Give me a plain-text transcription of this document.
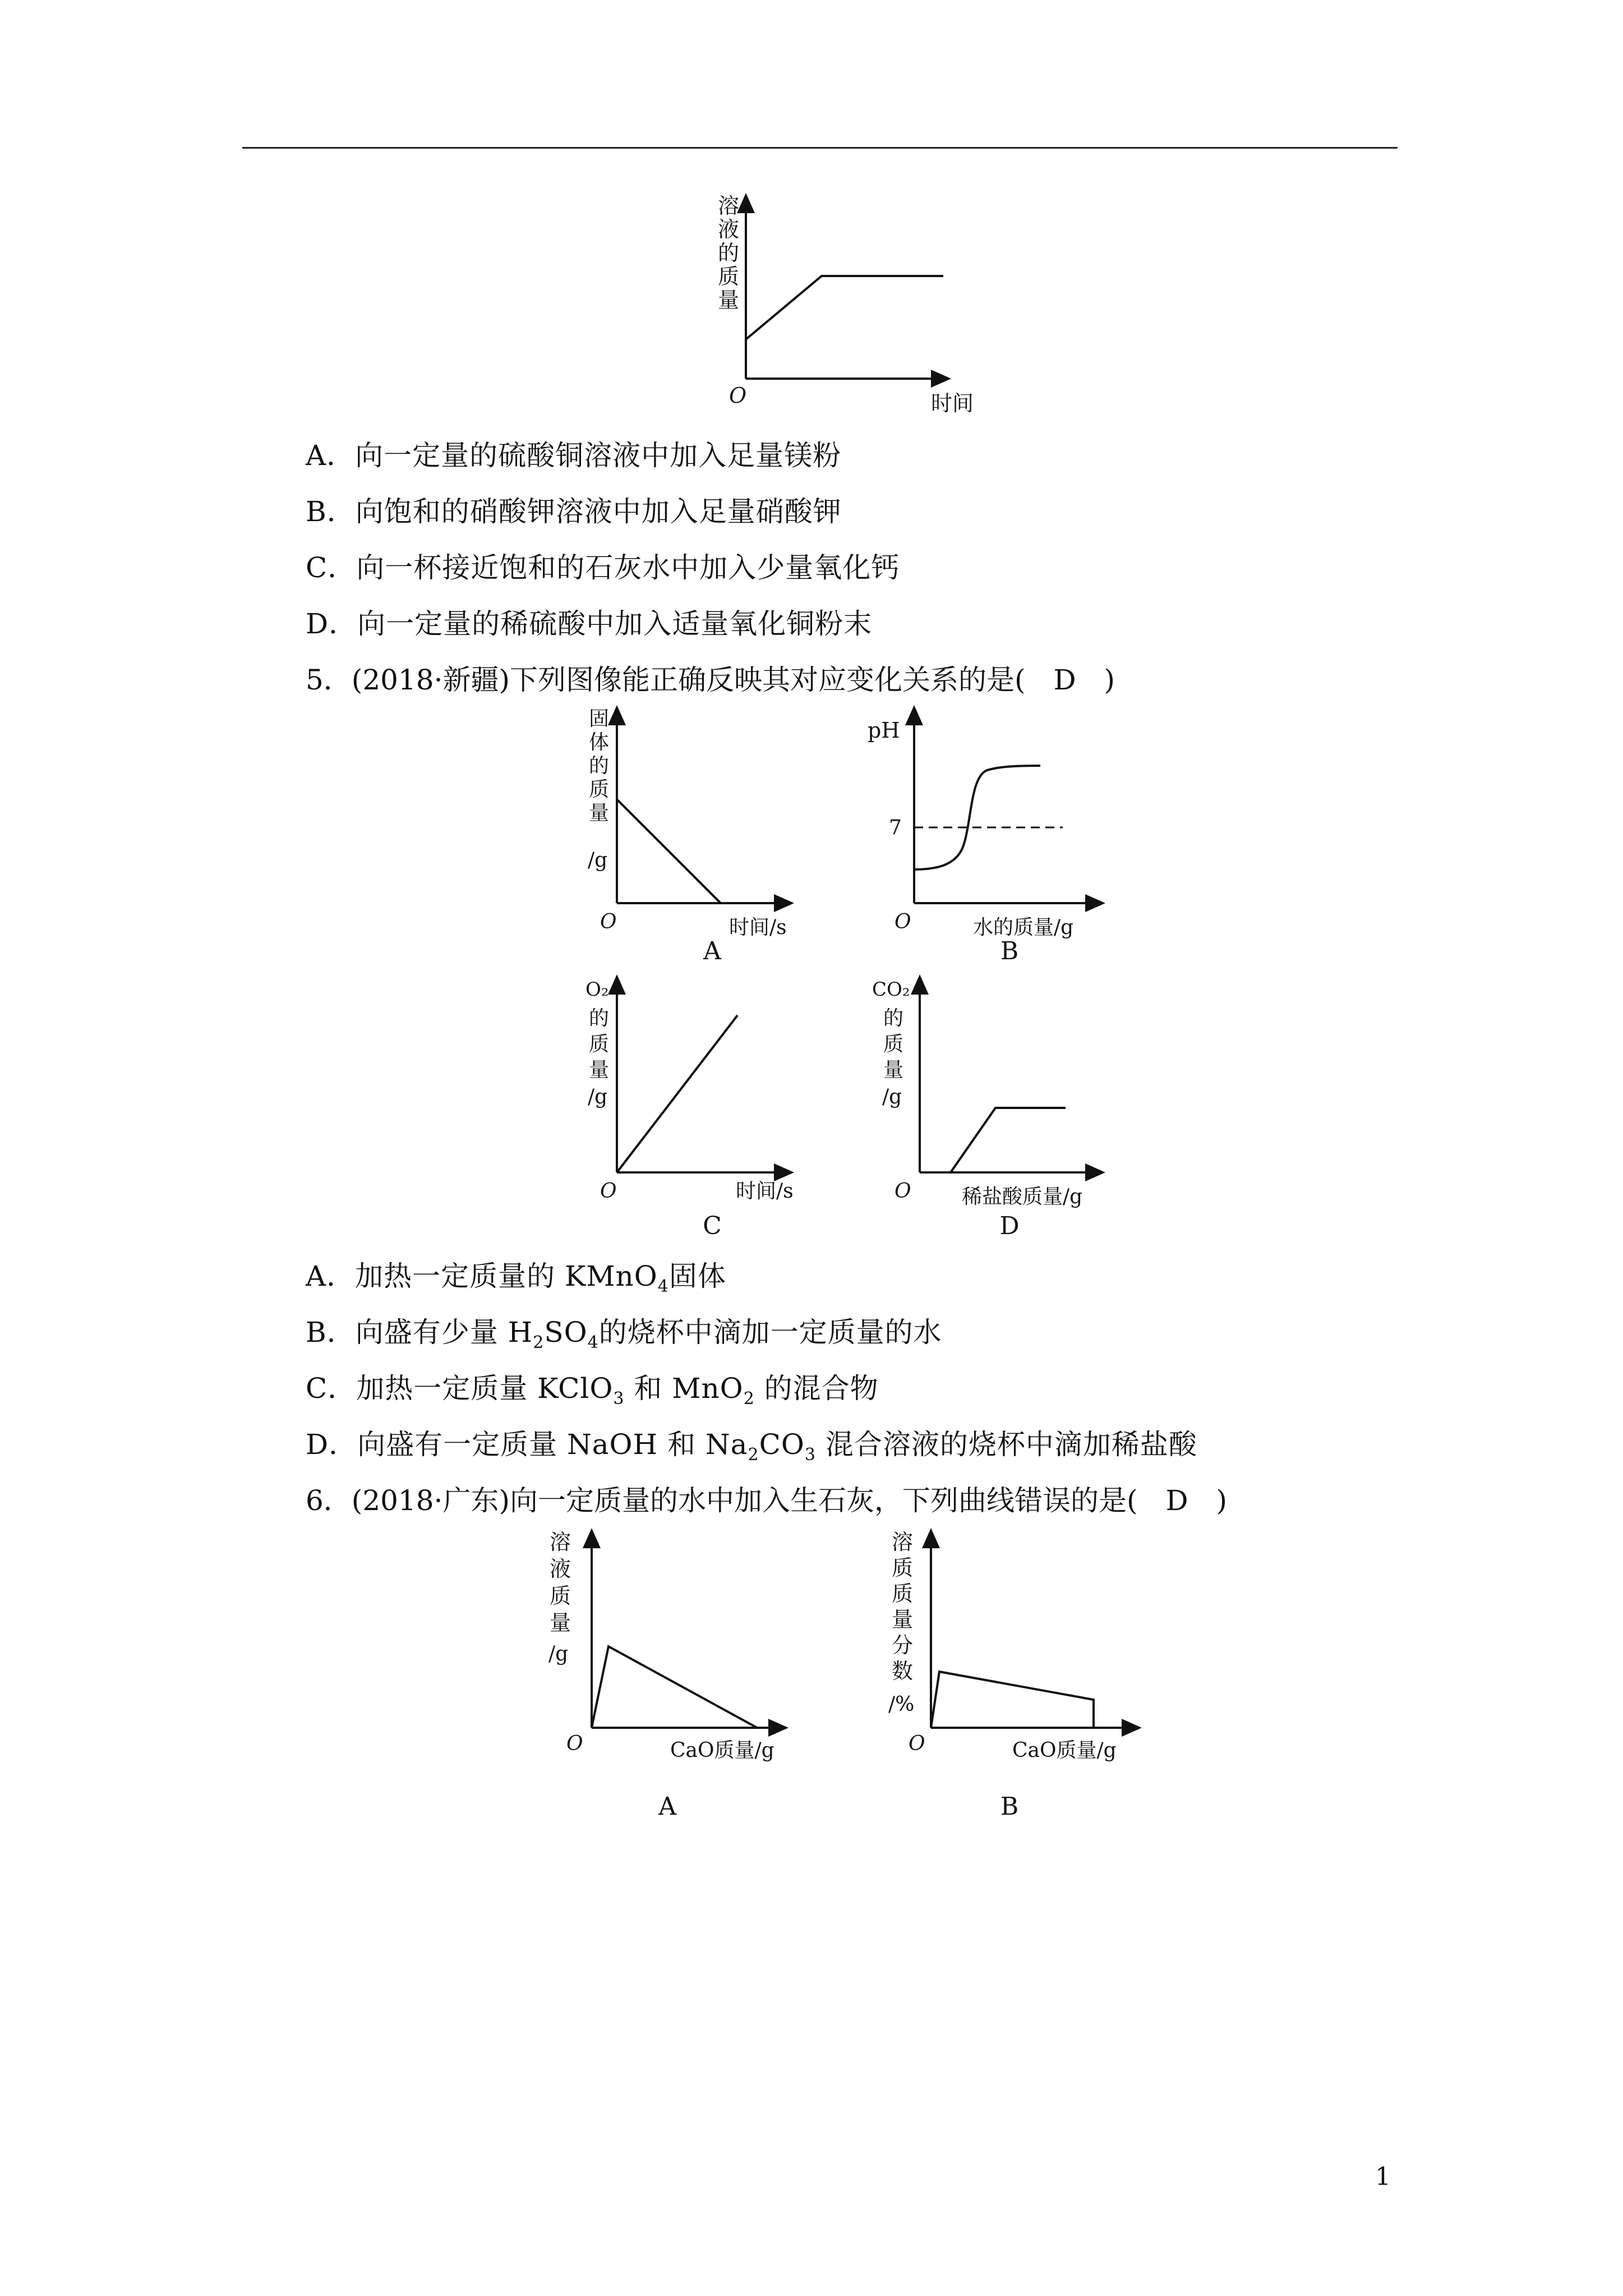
溶
液
的
质
量
O	时间
A．向一定量的硫酸铜溶液中加入足量镁粉
B．向饱和的硝酸钾溶液中加入足量硝酸钾
C．向一杯接近饱和的石灰水中加入少量氧化钙
D．向一定量的稀硫酸中加入适量氧化铜粉末
5．(2018·新疆)下列图像能正确反映其对应变化关系的是(　D　)
固
体
的
质
量
/g
O	时间/s
A
pH
7
O	水的质量/g
B
O₂
的
质
量
/g
O	时间/s
C
CO₂
的
质
量
/g
O	稀盐酸质量/g
D
A．加热一定质量的 KMnO$_4$固体
B．向盛有少量 $H_2SO_4$的烧杯中滴加一定质量的水
C．加热一定质量 KClO$_3$ 和 MnO$_2$ 的混合物
D．向盛有一定质量 NaOH 和 $Na_2CO_3$ 混合溶液的烧杯中滴加稀盐酸
6．(2018·广东)向一定质量的水中加入生石灰，下列曲线错误的是(　D　)
溶
液
质
量
/g
O	CaO质量/g
A
溶
质
质
量
分
数
/%
O	CaO质量/g
B
1
